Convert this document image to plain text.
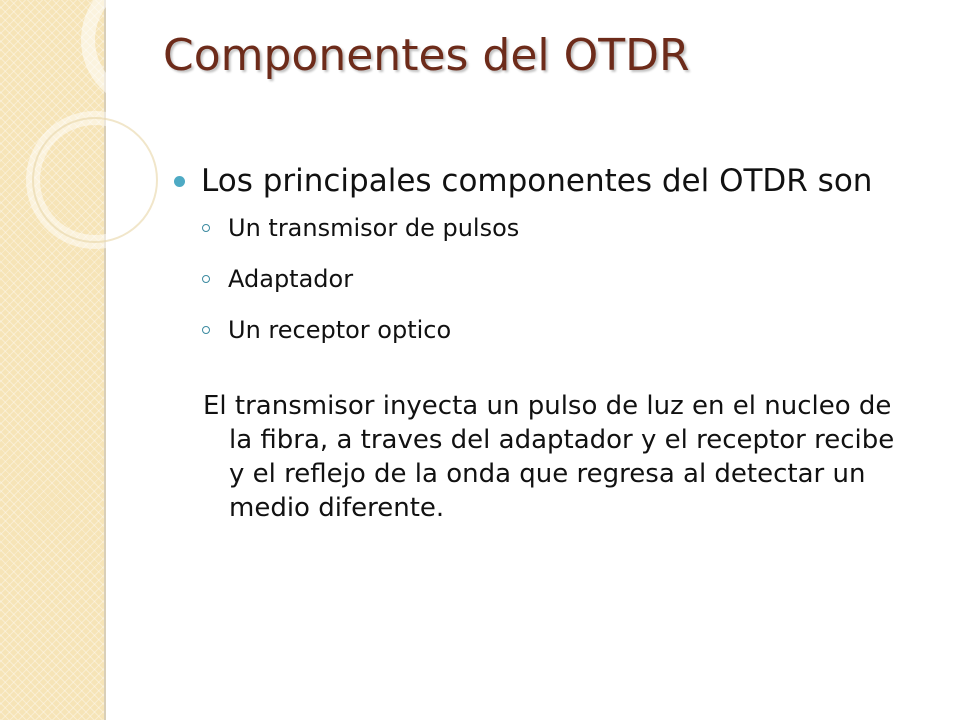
Componentes del OTDR
Los principales componentes del OTDR son
Un transmisor de pulsos
Adaptador
Un receptor optico
El transmisor inyecta un pulso de luz en el nucleo de la fibra, a traves del adaptador y el receptor recibe y el reflejo de la onda que regresa al detectar un medio diferente.
